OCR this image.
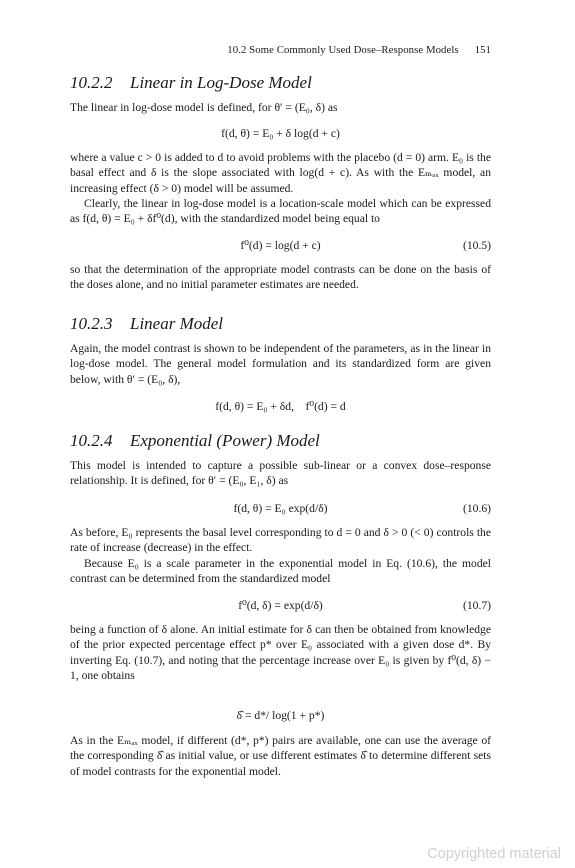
10.2 Some Commonly Used Dose–Response Models 151
10.2.2 Linear in Log-Dose Model

The linear in log-dose model is defined, for θ′ = (E₀, δ) as

f(d, θ) = E₀ + δ log(d + c)

where a value c > 0 is added to d to avoid problems with the placebo (d = 0) arm. E₀ is the basal effect and δ is the slope associated with log(d + c). As with the Eₘₐₓ model, an increasing effect (δ > 0) model will be assumed.

Clearly, the linear in log-dose model is a location-scale model which can be expressed as f(d, θ) = E₀ + δf⁰(d), with the standardized model being equal to

f⁰(d) = log(d + c)	(10.5)

so that the determination of the appropriate model contrasts can be done on the basis of the doses alone, and no initial parameter estimates are needed.

10.2.3 Linear Model

Again, the model contrast is shown to be independent of the parameters, as in the linear in log-dose model. The general model formulation and its standardized form are given below, with θ′ = (E₀, δ),

f(d, θ) = E₀ + δd,    f⁰(d) = d
10.2.4 Exponential (Power) Model

This model is intended to capture a possible sub-linear or a convex dose–response relationship. It is defined, for θ′ = (E₀, E₁, δ) as

f(d, θ) = E₀ exp(d/δ)	(10.6)

As before, E₀ represents the basal level corresponding to d = 0 and δ > 0 (< 0) controls the rate of increase (decrease) in the effect.

Because E₀ is a scale parameter in the exponential model in Eq. (10.6), the model contrast can be determined from the standardized model

f⁰(d, δ) = exp(d/δ)	(10.7)

being a function of δ alone. An initial estimate for δ can then be obtained from knowledge of the prior expected percentage effect p* over E₀ associated with a given dose d*. By inverting Eq. (10.7), and noting that the percentage increase over E₀ is given by f⁰(d, δ) − 1, one obtains

δ̂ = d*/ log(1 + p*)

As in the Eₘₐₓ model, if different (d*, p*) pairs are available, one can use the average of the corresponding δ̂ as initial value, or use different estimates δ̂ to determine different sets of model contrasts for the exponential model.

Copyrighted material
